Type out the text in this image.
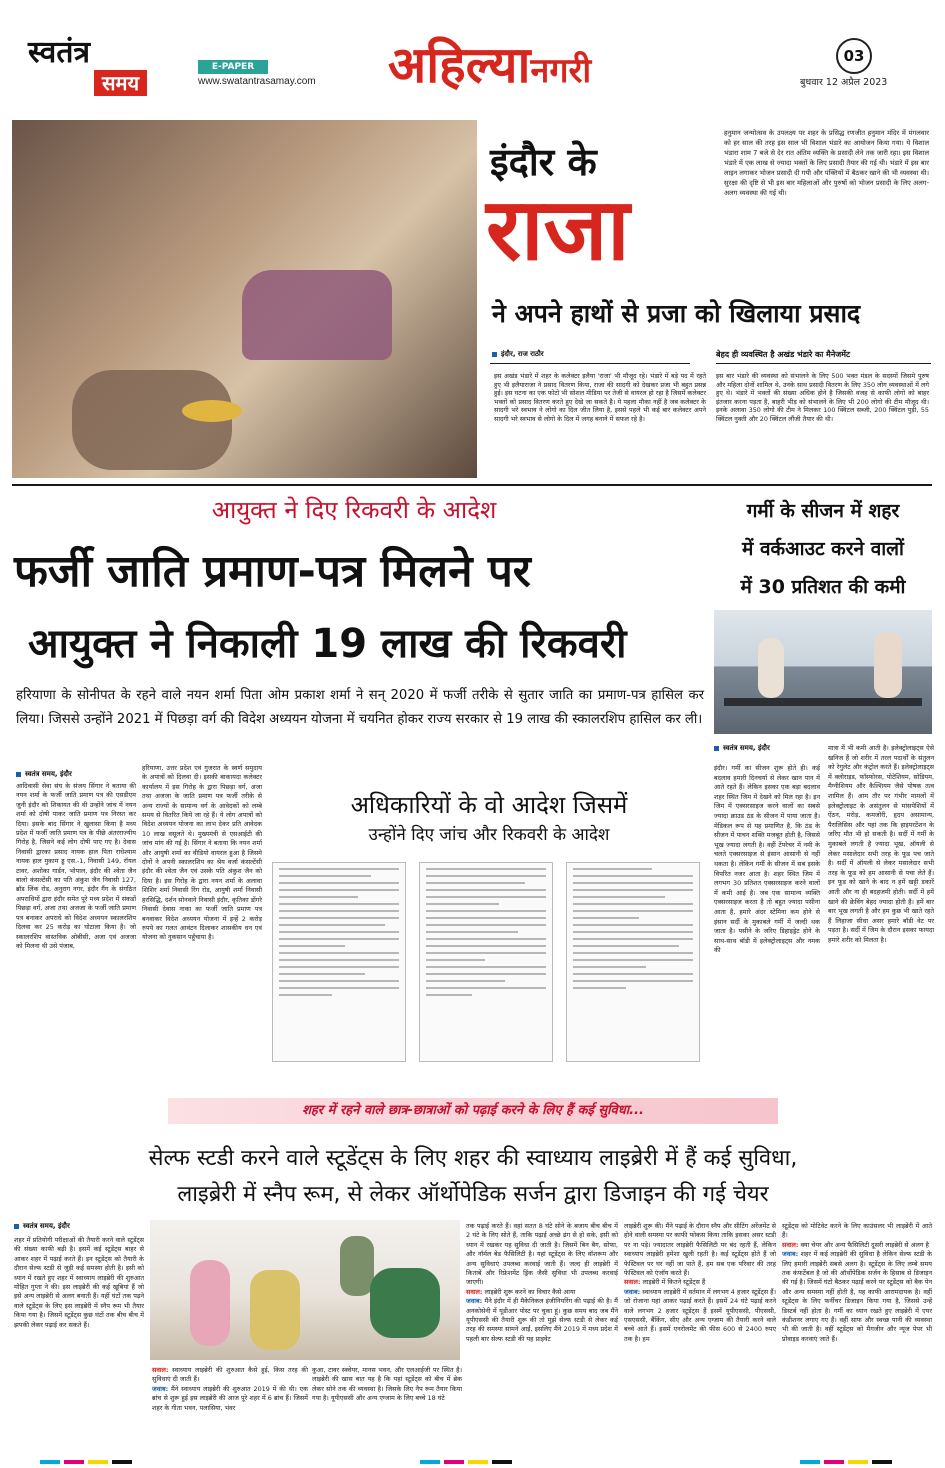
स्वतंत्र
समय
E-PAPER
www.swatantrasamay.com अहिल्यानगरी	03
बुधवार 12 अप्रैल 2023
इंदौर के
राजा
हनुमान जन्मोत्सव के उपलक्ष्य पर शहर के प्रसिद्ध रणजीत हनुमान मंदिर में मंगलवार को हर साल की तरह इस साल भी विशाल भंडारे का आयोजन किया गया। ये विशाल भंडारा शाम 7 बजे से देर रात अंतिम व्यक्ति के प्रसादी लेने तक जारी रहा। इस विशाल भंडारे में एक लाख से ज्यादा भक्तों के लिए प्रसादी तैयार की गई थी। भंडारे में इस बार लाइन लगाकर भोजन प्रसादी दी गयी और पंक्तियों में बैठकर खाने की भी व्यवस्था थी। सुरक्षा की दृष्टि से भी इस बार महिलाओं और पुरुषों को भोजन प्रसादी के लिए अलग-अलग व्यवस्था की गई थी।
ने अपने हाथों से प्रजा को खिलाया प्रसाद
इंदौर, राज राठौर
इस अखंड भंडारे में शहर के कलेक्टर इलैया 'राजा' भी मौजूद रहे। भंडारे में बड़े पद में रहते हुए भी इलैयाराजा ने प्रसाद वितरण किया, राजा की सादगी को देखकर प्रजा भी बहुत प्रसन्न हुई। इस घटना का एक फोटो भी सोशल मीडिया पर तेजी से वायरल हो रहा है जिसमें कलेक्टर भक्तों को प्रसाद वितरण करते हुए देखे जा सकते है। ये पहला मौका नहीं है जब कलेक्टर के सादगी भरे स्वभाव ने लोगो का दिल जीत लिया है, इससे पहले भी कई बार कलेक्टर अपने सादगी भरे स्वभाव से लोगो के दिल में जगह बनाने में सफल रहे है।
बेहद ही व्यवस्थित है अखंड भंडारे का मैनेजमेंट
इस बार भंडारे की व्यवस्था को संभालने के लिए 500 भक्त मंडल के सदस्यों जिसमे पुरुष और महिला दोनों शामिल थे, उनके साथ प्रसादी वितरण के लिए 350 लोग व्यवस्थाओं में लगे हुए थे। भंडारे में भक्तों की संख्या अधिक होने है जिसकी वजह से काफी लोगो को बाहर इंतजार करना पड़ता है, बाहरी भीड़ को संभालने के लिए भी 200 लोगो की टीम मौजूद थी। इनके अलावा 350 लोगो की टीम ने मिलकर 100 क्विंटल सब्जी, 200 क्विंटल पुड़ी, 55 क्विंटल नुक्ती और 20 क्विंटल लौंजी तैयार की थी।
आयुक्त ने दिए रिकवरी के आदेश
फर्जी जाति प्रमाण-पत्र मिलने पर
आयुक्त ने निकाली 19 लाख की रिकवरी
हरियाणा के सोनीपत के रहने वाले नयन शर्मा पिता ओम प्रकाश शर्मा ने सन् 2020 में फर्जी तरीके से सुतार जाति का प्रमाण-पत्र हासिल कर लिया। जिससे उन्होंने 2021 में पिछड़ा वर्ग की विदेश अध्ययन योजना में चयनित होकर राज्य सरकार से 19 लाख की स्कालरशिप हासिल कर ली।
स्वतंत्र समय, इंदौर
आदिवासी सेवा संघ के संजय सिंगार ने बताया की नयन शर्मा के फर्जी जाति प्रमाण पत्र की एसडीएम जुनी इंदौर को शिकायत की थी उन्होंने जांच में नयन शर्मा को दोषी पाकर जाति प्रमाण पत्र निरस्त कर दिया। इसके बाद सिंगार ने खुलासा किया है मध्य प्रदेश में फर्जी जाति प्रमाण पत्र के पीछे अंतरराज्यीय गिरोह है, जिसने कई लोग दोषी पाए गए है। देवास निवासी द्वारका प्रसाद नायक हाल पिता राधेश्याम नायक हाल मुकाम ड्ड एस.-1, निवासी 149, रॉयल टावर, अशोका गार्डन, भोपाल, इंदौर की श्वेता जैन बालो कंसल्टेंसी का पति अंकुश जैन निवासी 127, ब्रॉड लिंक रोड, अनुराग नगर, इंदौर गैंग के संगठित अपराधियों द्वारा इंदौर समेत पूरे मध्य प्रदेश में संकडों पिछड़ा वर्ग, अजा तथा अजजा के फर्जी जाति प्रमाण पत्र बनाकर अपराधे को विदेश अध्ययन स्कालरशिप दिलवा कर 25 करोड़ का घोटाला किया है। जो स्कालरशिप वास्तविक ओबीसी, अजा एवं अजजा को मिलना थी उसे पंजाब,
हरियाणा, उत्तर प्रदेश एवं गुजरात के स्वर्ण समुदाय के अपात्रों को दिलवा दी। इसकी बाकायदा कलेक्टर कार्यालय में इस गिरोह के द्वारा पिछड़ा वर्ग, अजा तथा अजजा के जाति प्रमाण पत्र फर्जी तरीके से अन्य राज्यों के सामान्य वर्ग के आवेदकों को लम्बे समय से वितरित किये जा रहे हैं। ये लोग अपात्रों को विदेश अध्ययन योजना का लाभ देकर प्रति आवेदक 10 लाख वसूलते थे। मुख्यमंत्री से एसआईटी की जांच मांग की गई है। सिंगार ने बताया कि नयन शर्मा और आयुषी शर्मा का वीडियो वायरल हुआ है जिसमे दोनों ने अपनी स्कालरशिप का श्रेय वर्जा कंसल्टेंसी इंदौर की श्वेता जैन एवं उसके पति अंकुश जैन को दिया है। इस गिरोह के द्वारा नयन शर्मा के अलावा शिशिर शर्मा निवासी रिंग रोड, आयुषी शर्मा निवासी हरसिद्धि, दर्शन सोनवाने निवासी इंदौर, कृतिका डोंगरे निवासी देवास नाका का फर्जी जाति प्रमाण पत्र बनवाकर विदेश अध्ययन योजना में इन्हें 2 करोड़ रुपये का गलत आवंटन दिलाकर शासकीय धन एवं योजना को नुकसान पहुँचाया है।
अधिकारियों के वो आदेश जिसमें
उन्होंने दिए जांच और रिकवरी के आदेश
गर्मी के सीजन में शहर
में वर्कआउट करने वालों
में 30 प्रतिशत की कमी
स्वतंत्र समय, इंदौर
इंदौर। गर्मी का सीजन शुरू होते ही। कई बदलाव हमारी दिनचर्या से लेकर खान पान में आते रहते हैं। लेकिन इसका एक बड़ा बदलाव शहर स्थित जिम में देखने को मिल रहा है। इन जिम में एक्सरसाइज करने वालों का सबसे ज्यादा क्राउड ठंड के सीजन में पाया जाता है। मेडिकल रूप से यह प्रमाणित है, कि ठंड के सीजन में पाचन शक्ति मजबूत होती है, जिससे भूख ज्यादा लगती है। वहीं टेंपरेचर में नमी के चलते एक्सरसाइज से इंसान आसानी से नहीं थकता है। लेकिन गर्मी के सीजन में सब इसके विपरित नजर आता है। शहर स्थित जिम में लगभग 30 प्रतिशत एक्सरसाइज करने वालों में कमी आई है। जब एक सामान्य व्यक्ति एक्सरसाइज करता है तो बहुत ज्यादा पसीना आता है, हमारे अंदर स्टेमिना कम होने से इंसान सर्दी के मुकाबले गर्मी में जल्दी थक जाता है। पसीने के जरिए डिहाइड्रेट होने के साथ-साथ बॉडी में इलेक्ट्रोलाइट्स और नमक की
मात्रा में भी कमी आती है। इलेक्ट्रोलाइट्स ऐसे खनिज हैं जो शरीर में तरल पदार्थों के संतुलन को रेगुलेट और कंट्रोल करते हैं। इलेक्ट्रोलाइट्स में क्लोराइड, फॉस्फोरस, पोटेशियम, सोडियम, मैग्नीशियम और कैल्शियम जैसे पोषक तत्व शामिल हैं। आम तौर पर गंभीर मामलों में इलेक्ट्रोलाइट के असंतुलन से मांसपेशियों में ऐंठन, मरोड़, कमजोरी, हृदय असामान्य, पैरालिसिस और यहां तक कि हाइपरटेंशन के जरिए मौत भी हो सकती है। सर्दी में गर्मी के मुकाबले लगती है ज्यादा भूख, ऑयली से लेकर मसालेदार सभी तरह के फूड पच जाते है। सर्दी में ऑयली से लेकर मसालेदार सभी तरह के फूड को हम आसानी से पचा लेते हैं। इन फूड को खाने के बाद न हमें खट्टी डकारें आती और ना ही बदहजमी होती। सर्दी में हमें खाने की क्रेविंग बेहद ज्यादा होती है। हमें बार बार भूख लगती है और हम कुछ भी खाते रहते हैं लिहाजा सीधा असर हमारे बॉडी वेट पर पड़ता है। सर्दी में जिम के दौरान इसका फायदा हमारे शरीर को मिलता है।
शहर में रहने वाले छात्र-छात्राओं को पढ़ाई करने के लिए हैं कई सुविधा...
सेल्फ स्टडी करने वाले स्टूडेंट्स के लिए शहर की स्वाध्याय लाइब्रेरी में हैं कई सुविधा,
लाइब्रेरी में स्नैप रूम, से लेकर ऑर्थोपेडिक सर्जन द्वारा डिजाइन की गई चेयर
स्वतंत्र समय, इंदौर
शहर में प्रतियोगी परीक्षाओं की तैयारी करने वाले स्टूडेंट्स की संख्या काफी बढ़ी है। इसमें कई स्टूडेंट्स बाहर से आकर शहर में पढ़ाई करते हैं। इन स्टूडेंट्स को तैयारी के दौरान सेल्फ स्टडी से जुड़ी कई समस्या होती है। इसी को ध्यान में रखते हुए शहर में स्वाध्याय लाइब्रेरी की शुरुआत मोहित गुप्ता ने की। इस लाइब्रेरी की कई खूबियां हैं जो इसे अन्य लाइब्रेरी से अलग बनाती हैं। यहीं घंटों तक पढ़ने वाले स्टूडेंट्स के लिए इस लाइब्रेरी में स्नैप रूम भी तैयार किया गया है। जिसमें स्टूडेंट्स कुछ घंटों तक बीच बीच में झपकी लेकर पढ़ाई कर सकते हैं।
सवाल: स्वाध्याय लाइब्रेरी की शुरुआत कैसे हुई, किस तरह की सुविधाएं दी जाती हैं।
जवाब: मैंने स्वाध्याय लाइब्रेरी की शुरुआत 2019 में की थी। एक ब्रांच से शुरू हुई इस लाइब्रेरी की आज पूरे शहर में 6 ब्रांच हैं। जिसमें शहर के गीता भवन, पलासिया, भंवर
कुआ, टावर स्क्वेयर, मानस भवन, और एलआईजी पर स्थित है। लाइब्रेरी की खास बात यह है कि यहां स्टूडेंट्स को बीच में ब्रेक लेकर सोने तक की व्यवस्था है। जिसके लिए नैप रूम तैयार किया गया है। यूपीएससी और अन्य एग्जाम के लिए बच्चे 18 घंटे
तक पढ़ाई करते हैं। वहां सतत 8 घंटे सोने के बजाय बीच बीच में 2 घंटे के लिए सोते हैं, ताकि पढ़ाई अच्छे ढंग से हो सके, इसी को ध्यान में रखकर यह सुविधा दी जाती है। जिसमें बिन बैग, सोफा, और नॉर्मल बेड फैसिलिटी है। यहां स्टूडेंट्स के लिए वॉशरूम और अन्य सुविधाएं उपलब्ध करवाई जाती हैं। जल्द ही लाइब्रेरी में किताबें और रिफ्रेशमेंट ड्रिंक जैसी सुविधा भी उपलब्ध करवाई जाएगी।
सवाल: लाइब्रेरी शुरू करने का विचार कैसे आया
जवाब: मैंने इंदौर में ही मैकेनिकल इंजीनियरिंग की पढ़ाई की है। मैं अनकोसेनी में यूडीआर पोस्ट पर चुका हूं। कुछ समय बाद जब मैंने यूपीएससी की तैयारी शुरू की तो मुझे सेल्फ स्टडी से लेकर कई तरह की समस्या सामने आईं, इसलिए मैंने 2019 में मध्य प्रदेश में पहली बार सेल्फ स्टडी की यह प्राइवेट
लाइब्रेरी शुरू की। मैंने पढ़ाई के दौरान स्नैप और सीटिंग अरेंजमेंट से होने वाली समस्या पर काफी फोकस किया ताकि इसका असर स्टडी पर ना पड़े। ज्यादातर लाइब्रेरी फैसिलिटी पर बंद रहती हैं, लेकिन स्वाध्याय लाइब्रेरी हमेशा खुली रहती है। कई स्टूडेंट्स होते हैं जो फेस्टिवल पर घर नहीं जा पाते हैं, हम सब एक परिवार की तरह फेस्टिवल को एंजॉय करते हैं।
सवाल: लाइब्रेरी में कितने स्टूडेंट्स हैं
जवाब: स्वाध्याय लाइब्रेरी में वर्तमान में लगभग 4 हजार स्टूडेंट्स हैं। जो रोजाना यहां आकर पढ़ाई करते हैं। इसमें 24 घंटे पढ़ाई करने वाले लगभग 2 हजार स्टूडेंट्स हैं इसमें यूपीएससी, पीएससी, एसएससी, बैंकिंग, सीए और अन्य एग्जाम की तैयारी करने वाले बच्चे आते हैं। इसमें एनरोलमेंट की फीस 600 से 2400 रुपए तक है। हम
स्टूडेंट्स को मोटिवेट करने के लिए काउंसलर भी लाइब्रेरी में आते हैं।
सवाल: क्या चेयर और अन्य फैसिलिटी दूसरी लाइब्रेरी से अलग है
जवाब: शहर में कई लाइब्रेरी की सुविधा है लेकिन सेल्फ स्टडी के लिए हमारी लाइब्रेरी सबसे अलग है। स्टूडेंट्स के लिए लम्बे समय तक कंफर्टेबल है जो की ऑर्थोपेडिक सर्जन के हिसाब से डिजाइन की गई है। जिसमें घंटो बैठकर पढ़ाई करने पर स्टूडेंट्स को बैक पेन और अन्य समस्या नहीं होती है, यह काफी आरामदायक है। वहीं स्टूडेंट्स के लिए फर्नीचर डिजाइन किया गया है, जिससे उन्हें डिस्टर्ब नहीं होता है। गर्मी का ध्यान रखते हुए लाइब्रेरी में एयर कंडीशनर लगाए गए हैं। वहीं साफ और स्वच्छ पानी की व्यवस्था भी की जाती है। वहीं स्टूडेंट्स को मैगजीन और न्यूज पेपर भी प्रोवाइड करवाएं जाते हैं।
